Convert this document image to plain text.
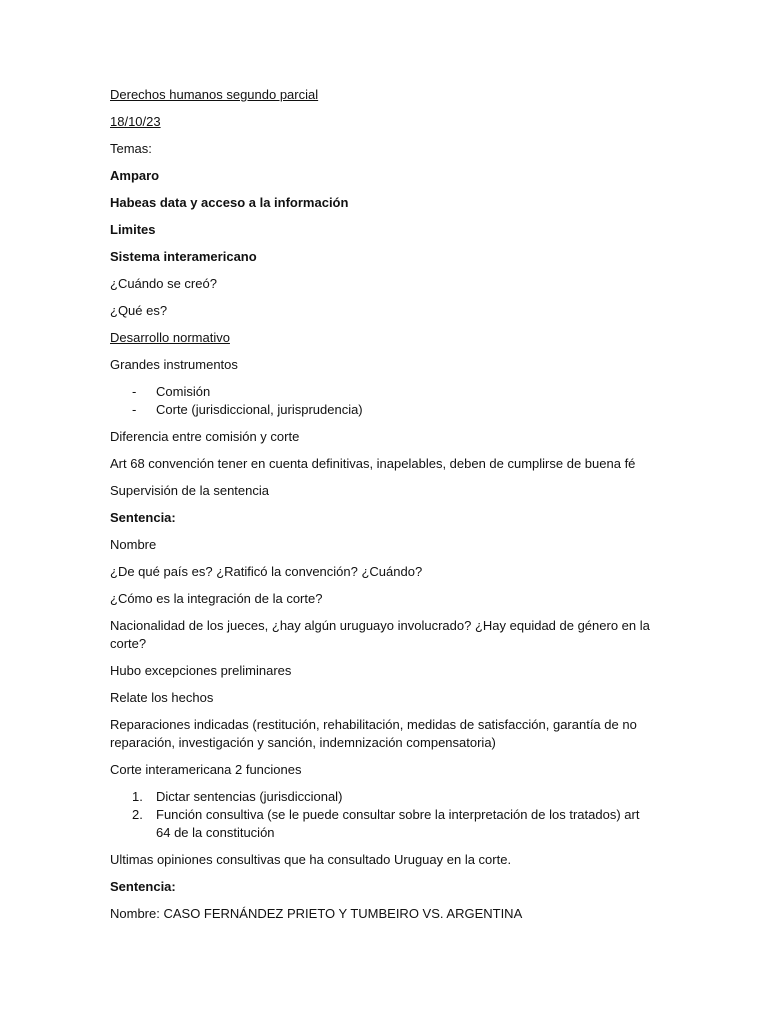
Derechos humanos segundo parcial

18/10/23

Temas:

Amparo

Habeas data y acceso a la información

Limites

Sistema interamericano

¿Cuándo se creó?

¿Qué es?

Desarrollo normativo

Grandes instrumentos

- Comisión
- Corte (jurisdiccional, jurisprudencia)

Diferencia entre comisión y corte

Art 68 convención tener en cuenta definitivas, inapelables, deben de cumplirse de buena fé

Supervisión de la sentencia

Sentencia:

Nombre

¿De qué país es? ¿Ratificó la convención? ¿Cuándo?

¿Cómo es la integración de la corte?

Nacionalidad de los jueces, ¿hay algún uruguayo involucrado? ¿Hay equidad de género en la corte?

Hubo excepciones preliminares

Relate los hechos

Reparaciones indicadas (restitución, rehabilitación, medidas de satisfacción, garantía de no reparación, investigación y sanción, indemnización compensatoria)

Corte interamericana 2 funciones

1. Dictar sentencias (jurisdiccional)
2. Función consultiva (se le puede consultar sobre la interpretación de los tratados) art 64 de la constitución

Ultimas opiniones consultivas que ha consultado Uruguay en la corte.

Sentencia:

Nombre: CASO FERNÁNDEZ PRIETO Y TUMBEIRO VS. ARGENTINA
